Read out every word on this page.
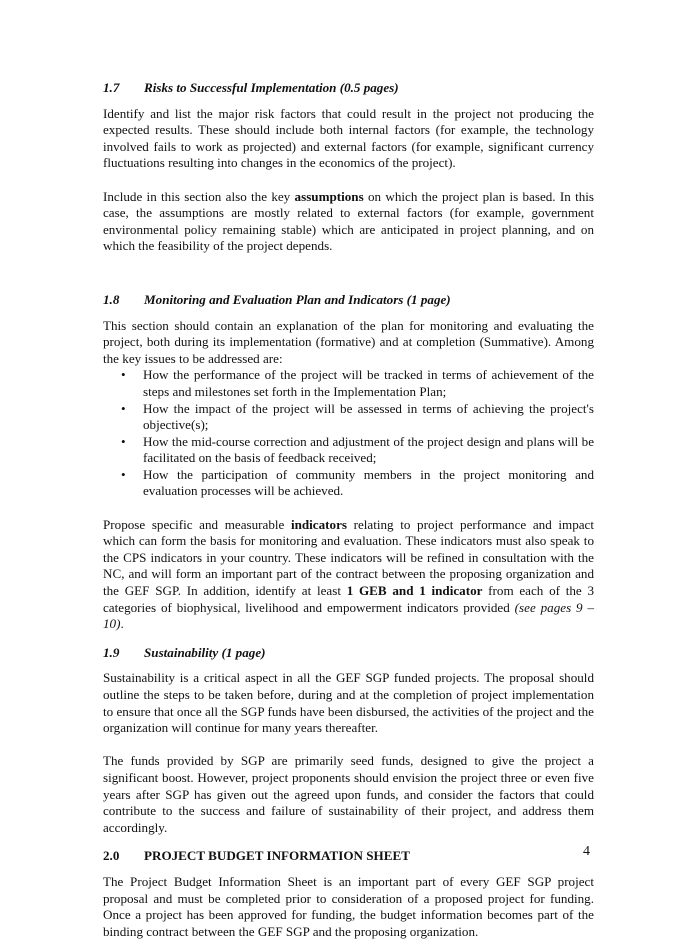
1.7	Risks to Successful Implementation (0.5 pages)

Identify and list the major risk factors that could result in the project not producing the expected results. These should include both internal factors (for example, the technology involved fails to work as projected) and external factors (for example, significant currency fluctuations resulting into changes in the economics of the project).

Include in this section also the key assumptions on which the project plan is based. In this case, the assumptions are mostly related to external factors (for example, government environmental policy remaining stable) which are anticipated in project planning, and on which the feasibility of the project depends.

1.8	Monitoring and Evaluation Plan and Indicators (1 page)

This section should contain an explanation of the plan for monitoring and evaluating the project, both during its implementation (formative) and at completion (Summative). Among the key issues to be addressed are:

• How the performance of the project will be tracked in terms of achievement of the steps and milestones set forth in the Implementation Plan;
• How the impact of the project will be assessed in terms of achieving the project's objective(s);
• How the mid-course correction and adjustment of the project design and plans will be facilitated on the basis of feedback received;
• How the participation of community members in the project monitoring and evaluation processes will be achieved.

Propose specific and measurable indicators relating to project performance and impact which can form the basis for monitoring and evaluation. These indicators must also speak to the CPS indicators in your country. These indicators will be refined in consultation with the NC, and will form an important part of the contract between the proposing organization and the GEF SGP. In addition, identify at least 1 GEB and 1 indicator from each of the 3 categories of biophysical, livelihood and empowerment indicators provided (see pages 9 – 10).

1.9	Sustainability (1 page)

Sustainability is a critical aspect in all the GEF SGP funded projects. The proposal should outline the steps to be taken before, during and at the completion of project implementation to ensure that once all the SGP funds have been disbursed, the activities of the project and the organization will continue for many years thereafter.

The funds provided by SGP are primarily seed funds, designed to give the project a significant boost. However, project proponents should envision the project three or even five years after SGP has given out the agreed upon funds, and consider the factors that could contribute to the success and failure of sustainability of their project, and address them accordingly.

2.0	PROJECT BUDGET INFORMATION SHEET

The Project Budget Information Sheet is an important part of every GEF SGP project proposal and must be completed prior to consideration of a proposed project for funding. Once a project has been approved for funding, the budget information becomes part of the binding contract between the GEF SGP and the proposing organization.

4
